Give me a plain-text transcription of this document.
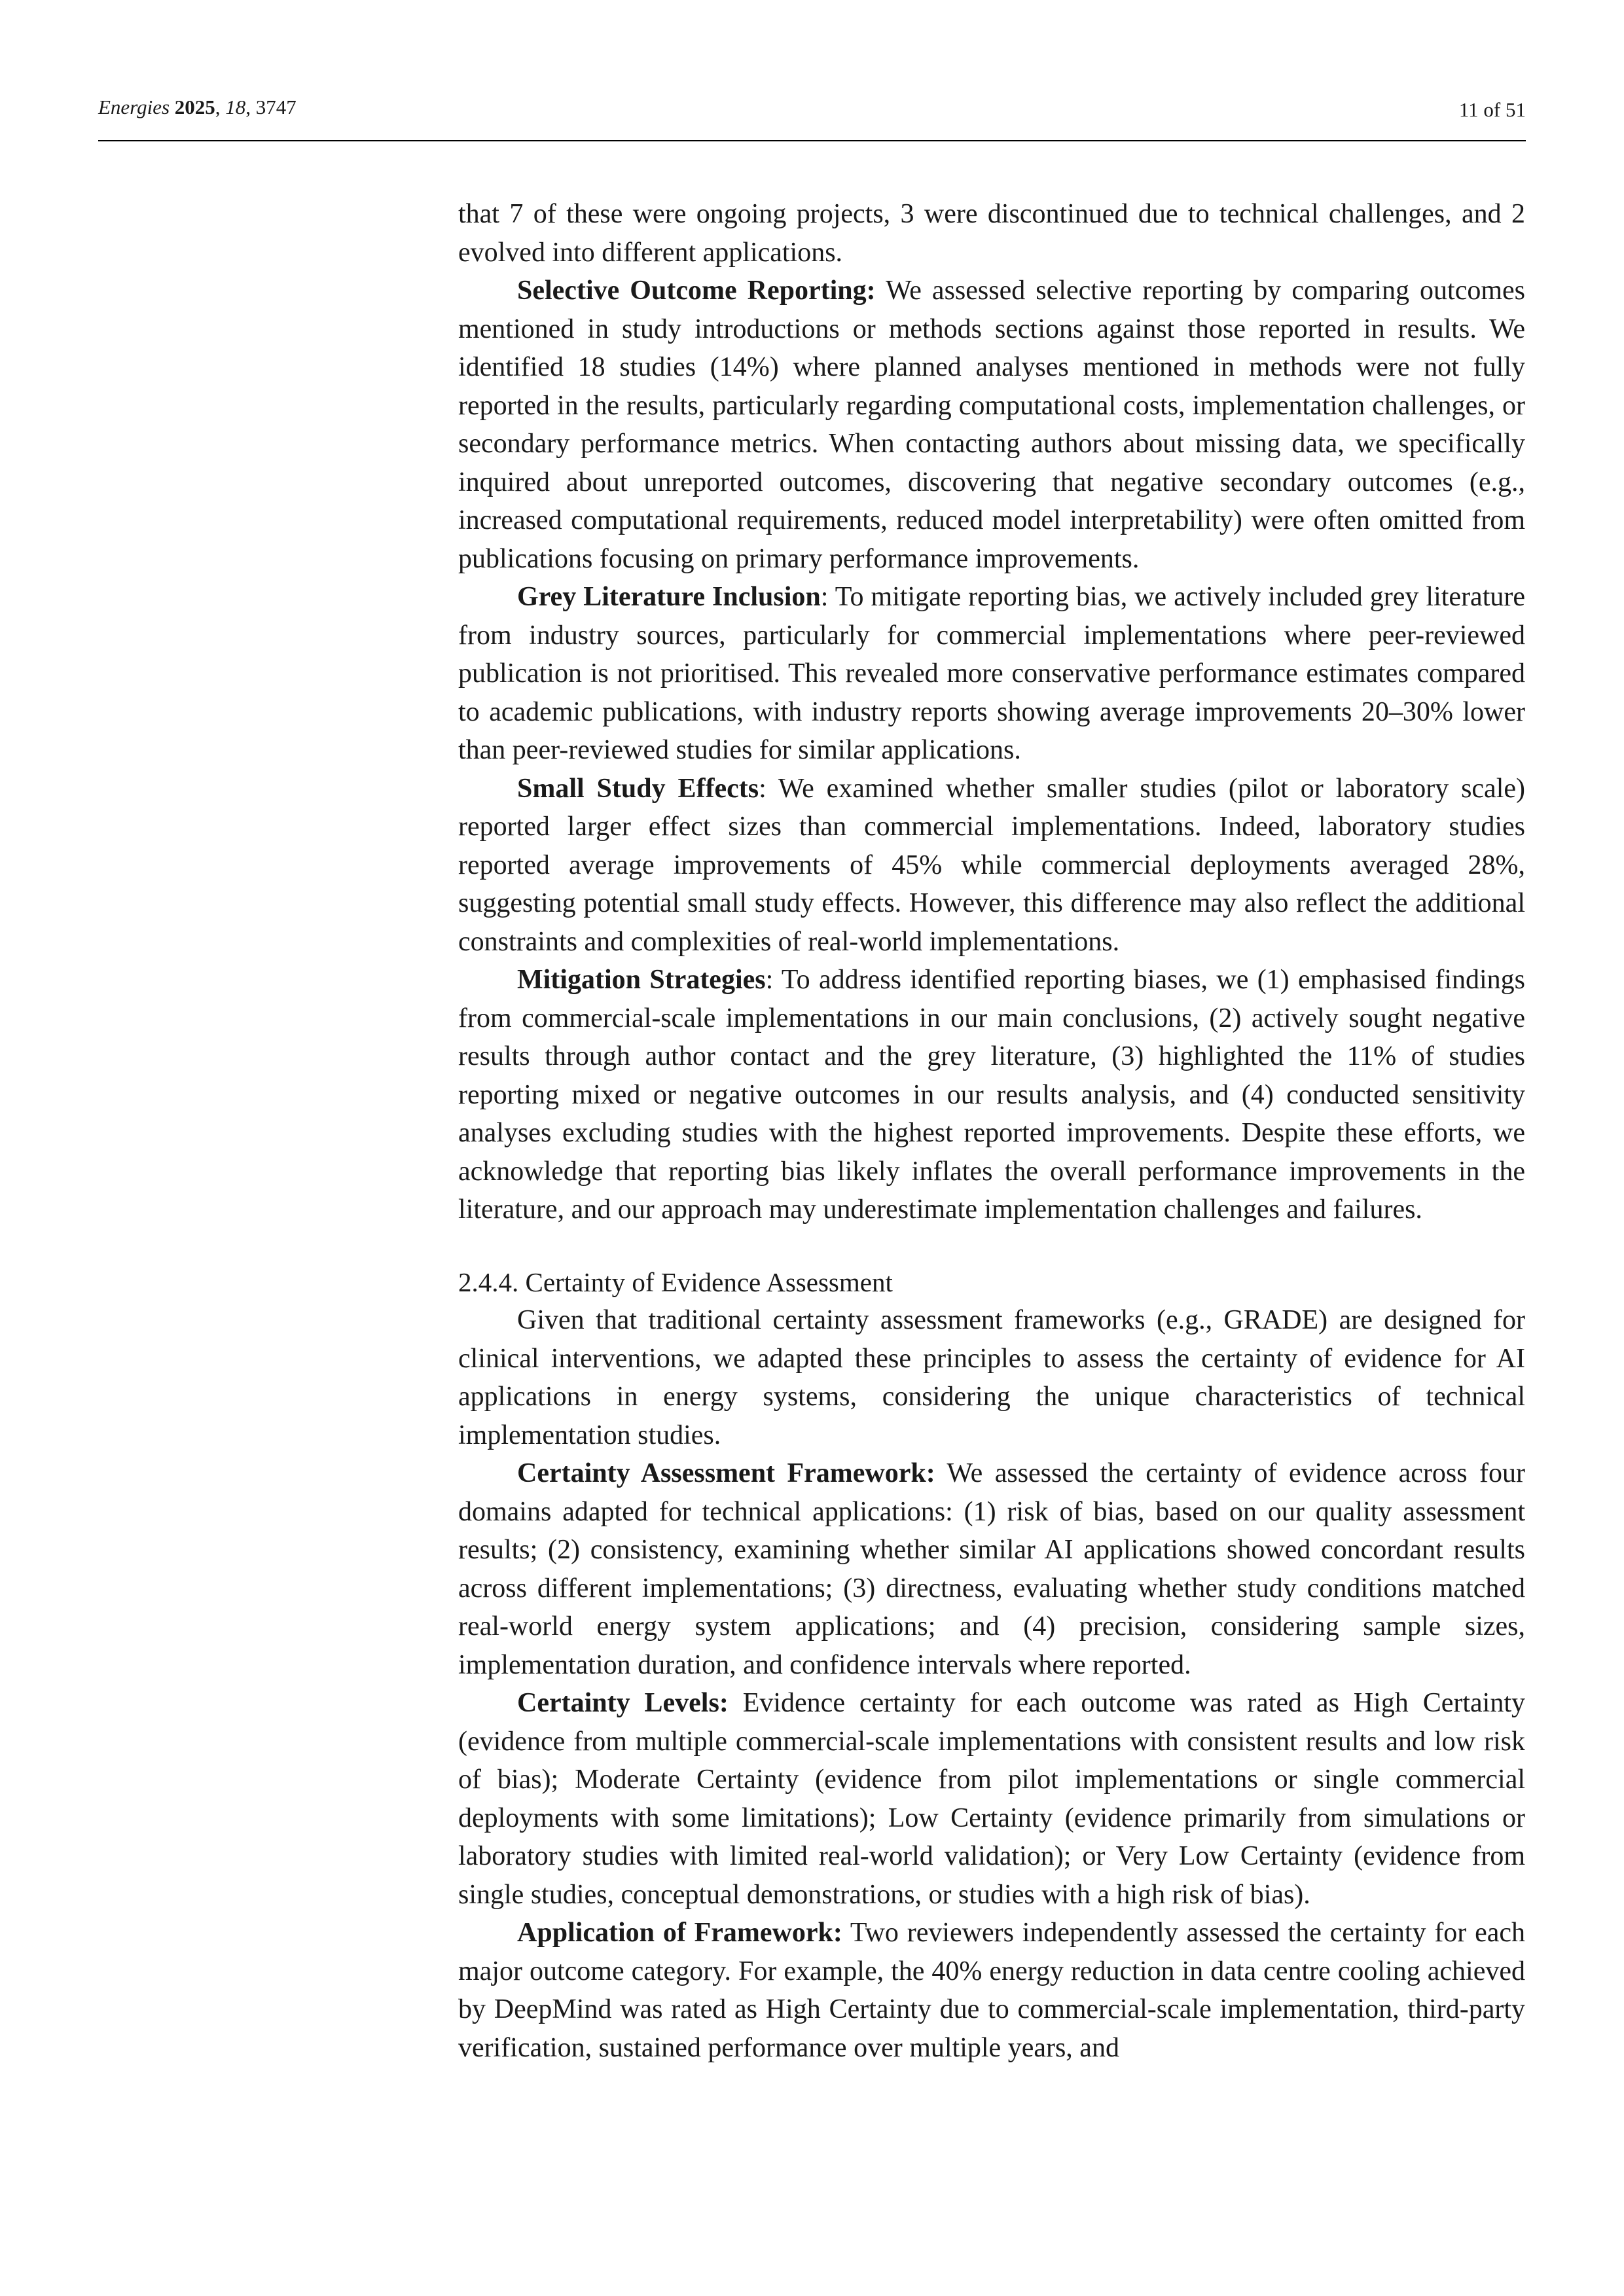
Energies 2025, 18, 3747	11 of 51

that 7 of these were ongoing projects, 3 were discontinued due to technical challenges, and 2 evolved into different applications.

Selective Outcome Reporting: We assessed selective reporting by comparing outcomes mentioned in study introductions or methods sections against those reported in results. We identified 18 studies (14%) where planned analyses mentioned in methods were not fully reported in the results, particularly regarding computational costs, implementation challenges, or secondary performance metrics. When contacting authors about missing data, we specifically inquired about unreported outcomes, discovering that negative secondary outcomes (e.g., increased computational requirements, reduced model interpretability) were often omitted from publications focusing on primary performance improvements.

Grey Literature Inclusion: To mitigate reporting bias, we actively included grey literature from industry sources, particularly for commercial implementations where peer-reviewed publication is not prioritised. This revealed more conservative performance estimates compared to academic publications, with industry reports showing average improvements 20–30% lower than peer-reviewed studies for similar applications.

Small Study Effects: We examined whether smaller studies (pilot or laboratory scale) reported larger effect sizes than commercial implementations. Indeed, laboratory studies reported average improvements of 45% while commercial deployments averaged 28%, suggesting potential small study effects. However, this difference may also reflect the additional constraints and complexities of real-world implementations.

Mitigation Strategies: To address identified reporting biases, we (1) emphasised findings from commercial-scale implementations in our main conclusions, (2) actively sought negative results through author contact and the grey literature, (3) highlighted the 11% of studies reporting mixed or negative outcomes in our results analysis, and (4) conducted sensitivity analyses excluding studies with the highest reported improvements. Despite these efforts, we acknowledge that reporting bias likely inflates the overall performance improvements in the literature, and our approach may underestimate implementation challenges and failures.

2.4.4. Certainty of Evidence Assessment

Given that traditional certainty assessment frameworks (e.g., GRADE) are designed for clinical interventions, we adapted these principles to assess the certainty of evidence for AI applications in energy systems, considering the unique characteristics of technical implementation studies.

Certainty Assessment Framework: We assessed the certainty of evidence across four domains adapted for technical applications: (1) risk of bias, based on our quality assessment results; (2) consistency, examining whether similar AI applications showed concordant results across different implementations; (3) directness, evaluating whether study conditions matched real-world energy system applications; and (4) precision, considering sample sizes, implementation duration, and confidence intervals where reported.

Certainty Levels: Evidence certainty for each outcome was rated as High Certainty (evidence from multiple commercial-scale implementations with consistent results and low risk of bias); Moderate Certainty (evidence from pilot implementations or single commercial deployments with some limitations); Low Certainty (evidence primarily from simulations or laboratory studies with limited real-world validation); or Very Low Certainty (evidence from single studies, conceptual demonstrations, or studies with a high risk of bias).

Application of Framework: Two reviewers independently assessed the certainty for each major outcome category. For example, the 40% energy reduction in data centre cooling achieved by DeepMind was rated as High Certainty due to commercial-scale implementation, third-party verification, sustained performance over multiple years, and
